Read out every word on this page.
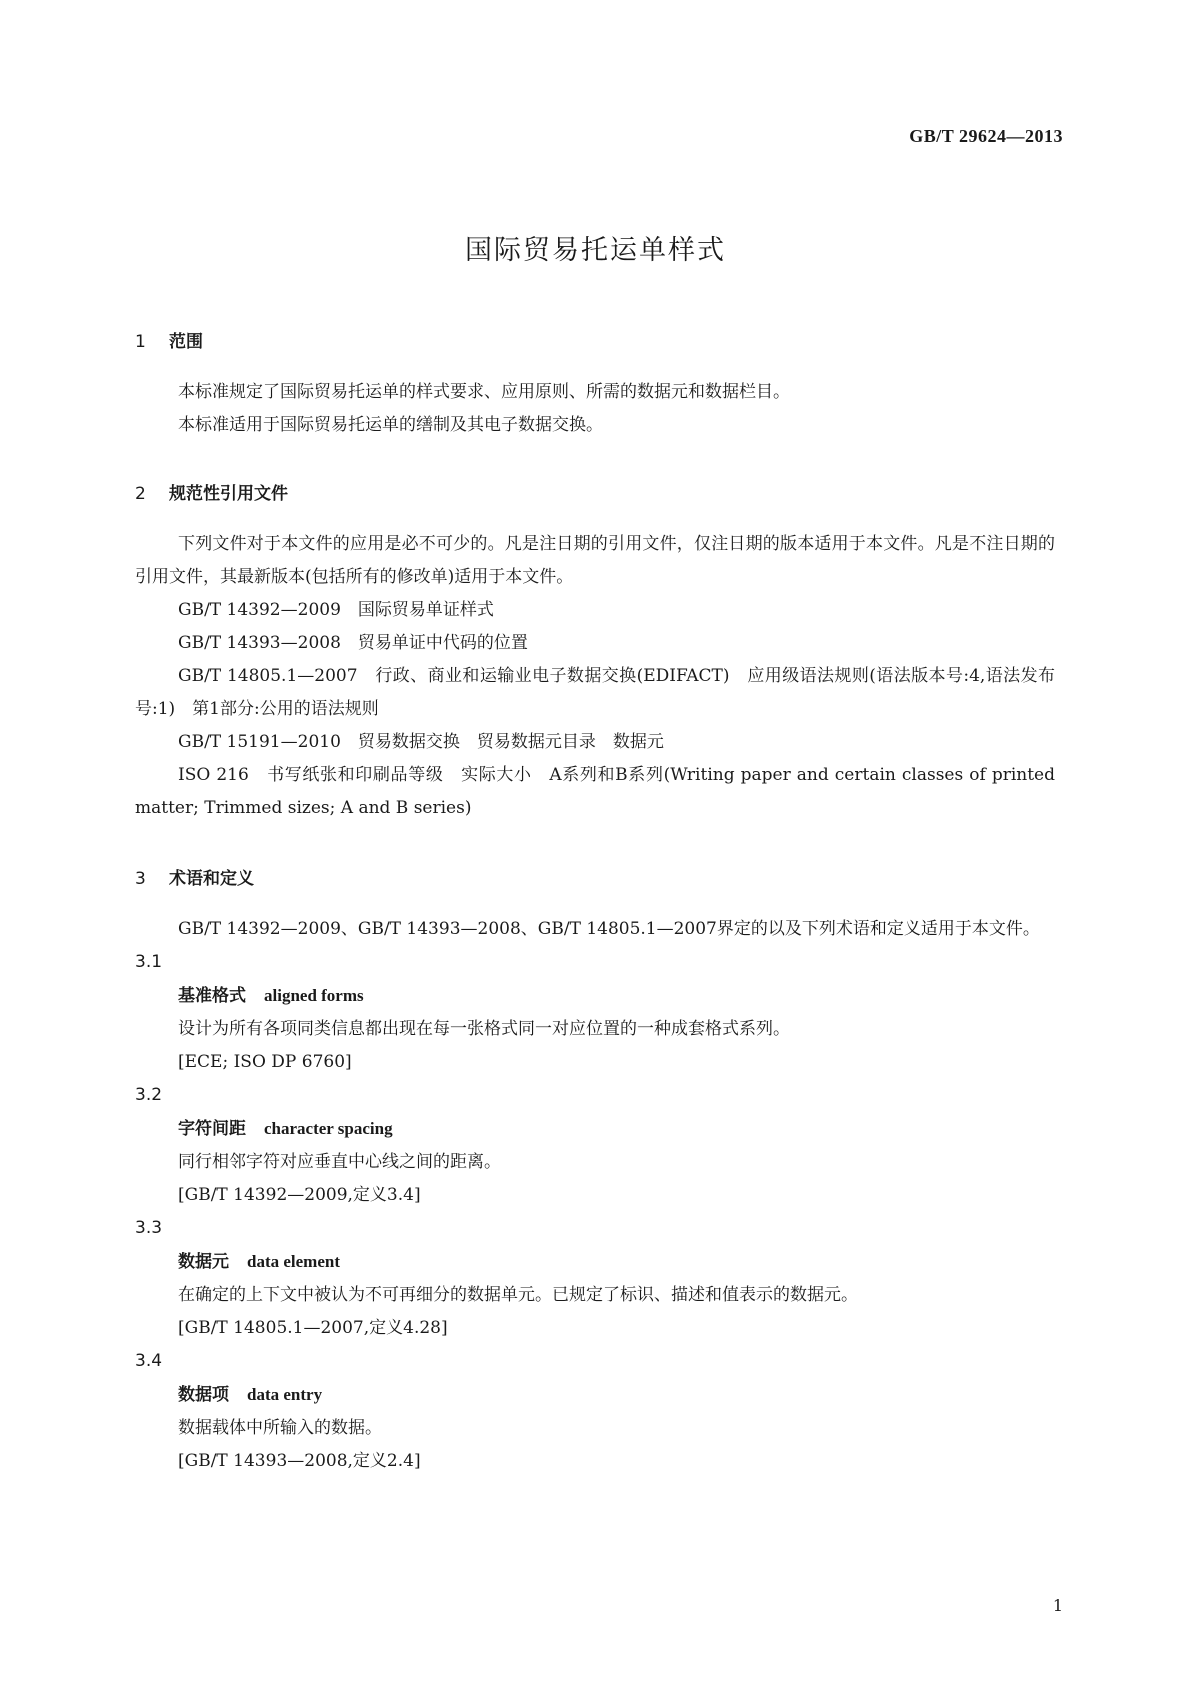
GB/T 29624—2013
国际贸易托运单样式
1 范围
本标准规定了国际贸易托运单的样式要求、应用原则、所需的数据元和数据栏目。
本标准适用于国际贸易托运单的缮制及其电子数据交换。
2 规范性引用文件
下列文件对于本文件的应用是必不可少的。凡是注日期的引用文件，仅注日期的版本适用于本文件。凡是不注日期的引用文件，其最新版本(包括所有的修改单)适用于本文件。
GB/T 14392—2009　国际贸易单证样式
GB/T 14393—2008　贸易单证中代码的位置
GB/T 14805.1—2007　行政、商业和运输业电子数据交换(EDIFACT)　应用级语法规则(语法版本号:4,语法发布号:1)　第1部分:公用的语法规则
GB/T 15191—2010　贸易数据交换　贸易数据元目录　数据元
ISO 216　书写纸张和印刷品等级　实际大小　A系列和B系列(Writing paper and certain classes of printed matter; Trimmed sizes; A and B series)
3 术语和定义
GB/T 14392—2009、GB/T 14393—2008、GB/T 14805.1—2007界定的以及下列术语和定义适用于本文件。
3.1
基准格式 aligned forms
设计为所有各项同类信息都出现在每一张格式同一对应位置的一种成套格式系列。
[ECE; ISO DP 6760]
3.2
字符间距 character spacing
同行相邻字符对应垂直中心线之间的距离。
[GB/T 14392—2009,定义3.4]
3.3
数据元 data element
在确定的上下文中被认为不可再细分的数据单元。已规定了标识、描述和值表示的数据元。
[GB/T 14805.1—2007,定义4.28]
3.4
数据项 data entry
数据载体中所输入的数据。
[GB/T 14393—2008,定义2.4]
1
